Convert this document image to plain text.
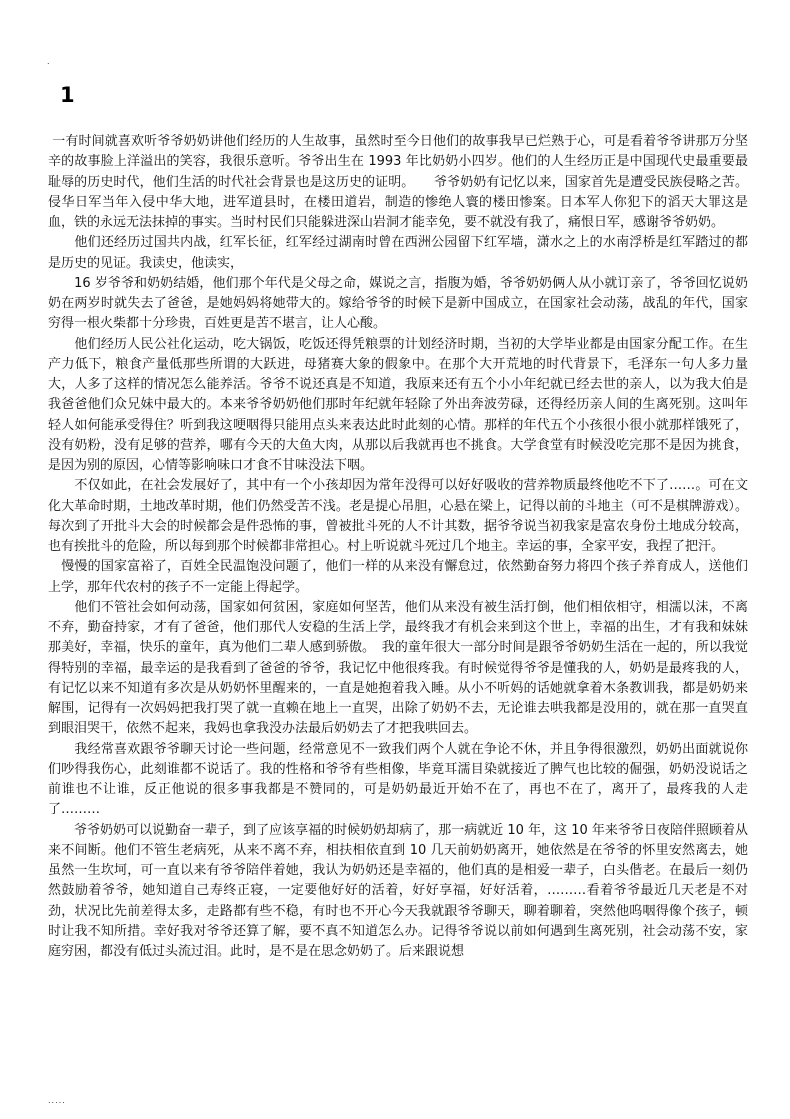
.
1

一有时间就喜欢听爷爷奶奶讲他们经历的人生故事，虽然时至今日他们的故事我早已烂熟于心，可是看着爷爷讲那万分坚辛的故事脸上洋溢出的笑容，我很乐意听。爷爷出生在 1993 年比奶奶小四岁。他们的人生经历正是中国现代史最重要最耻辱的历史时代，他们生活的时代社会背景也是这历史的证明。　　爷爷奶奶有记忆以来，国家首先是遭受民族侵略之苦。侵华日军当年入侵中华大地，进军道县时，在楼田道岩，制造的惨绝人寰的楼田惨案。日本军人你犯下的滔天大罪这是血，铁的永远无法抹掉的事实。当时村民们只能躲进深山岩洞才能幸免，要不就没有我了，痛恨日军，感谢爷爷奶奶。

　　他们还经历过国共内战，红军长征，红军经过湖南时曾在西洲公园留下红军墙，潇水之上的水南浮桥是红军踏过的都是历史的见证。我读史，他读实，

　　16 岁爷爷和奶奶结婚，他们那个年代是父母之命，媒说之言，指腹为婚，爷爷奶奶俩人从小就订亲了，爷爷回忆说奶奶在两岁时就失去了爸爸，是她妈妈将她带大的。嫁给爷爷的时候下是新中国成立，在国家社会动荡，战乱的年代，国家穷得一根火柴都十分珍贵，百姓更是苦不堪言，让人心酸。

　　他们经历人民公社化运动，吃大锅饭，吃饭还得凭粮票的计划经济时期，当初的大学毕业都是由国家分配工作。在生产力低下，粮食产量低那些所谓的大跃进，母猪赛大象的假象中。在那个大开荒地的时代背景下，毛泽东一句人多力量大，人多了这样的情况怎么能养活。爷爷不说还真是不知道，我原来还有五个小小年纪就已经去世的亲人，以为我大伯是我爸爸他们众兄妹中最大的。本来爷爷奶奶他们那时年纪就年轻除了外出奔波劳碌，还得经历亲人间的生离死别。这叫年轻人如何能承受得住？听到我这哽咽得只能用点头来表达此时此刻的心情。那样的年代五个小孩很小很小就那样饿死了，没有奶粉，没有足够的营养，哪有今天的大鱼大肉，从那以后我就再也不挑食。大学食堂有时候没吃完那不是因为挑食，是因为别的原因，心情等影响味口才食不甘味没法下咽。

　　不仅如此，在社会发展好了，其中有一个小孩却因为常年没得可以好好吸收的营养物质最终他吃不下了……。可在文化大革命时期，土地改革时期，他们仍然受苦不浅。老是提心吊胆，心悬在梁上，记得以前的斗地主（可不是棋牌游戏）。每次到了开批斗大会的时候都会是件恐怖的事，曾被批斗死的人不计其数，据爷爷说当初我家是富农身份土地成分较高，也有挨批斗的危险，所以每到那个时候都非常担心。村上听说就斗死过几个地主。幸运的事，全家平安，我捏了把汗。

　慢慢的国家富裕了，百姓全民温饱没问题了，他们一样的从来没有懈怠过，依然勤奋努力将四个孩子养育成人，送他们上学，那年代农村的孩子不一定能上得起学。

　　他们不管社会如何动荡，国家如何贫困，家庭如何坚苦，他们从来没有被生活打倒，他们相依相守，相濡以沫，不离不弃，勤奋持家，才有了爸爸，他们那代人安稳的生活上学，最终我才有机会来到这个世上，幸福的出生，才有我和妹妹那美好，幸福，快乐的童年，真为他们二辈人感到骄傲。　我的童年很大一部分时间是跟爷爷奶奶生活在一起的，所以我觉得特别的幸福，最幸运的是我看到了爸爸的爷爷，我记忆中他很疼我。有时候觉得爷爷是懂我的人，奶奶是最疼我的人，有记忆以来不知道有多次是从奶奶怀里醒来的，一直是她抱着我入睡。从小不听妈的话她就拿着木条教训我，都是奶奶来解围，记得有一次妈妈把我打哭了就一直赖在地上一直哭，出除了奶奶不去，无论谁去哄我都是没用的，就在那一直哭直到眼泪哭干，依然不起来，我妈也拿我没办法最后奶奶去了才把我哄回去。

　　我经常喜欢跟爷爷聊天讨论一些问题，经常意见不一致我们两个人就在争论不休，并且争得很激烈，奶奶出面就说你们吵得我伤心，此刻谁都不说话了。我的性格和爷爷有些相像，毕竟耳濡目染就接近了脾气也比较的倔强，奶奶没说话之前谁也不让谁，反正他说的很多事我都是不赞同的，可是奶奶最近开始不在了，再也不在了，离开了，最疼我的人走了………

　　爷爷奶奶可以说勤奋一辈子，到了应该享福的时候奶奶却病了，那一病就近 10 年，这 10 年来爷爷日夜陪伴照顾着从来不间断。他们不管生老病死，从来不离不弃，相扶相依直到 10 几天前奶奶离开，她依然是在爷爷的怀里安然离去，她虽然一生坎坷，可一直以来有爷爷陪伴着她，我认为奶奶还是幸福的，他们真的是相爱一辈子，白头偕老。在最后一刻仍然鼓励着爷爷，她知道自己寿终正寝，一定要他好好的活着，好好享福，好好活着，………看着爷爷最近几天老是不对劲，状况比先前差得太多，走路都有些不稳，有时也不开心今天我就跟爷爷聊天，聊着聊着，突然他呜咽得像个孩子，顿时让我不知所措。幸好我对爷爷还算了解，要不真不知道怎么办。记得爷爷说以前如何遇到生离死别，社会动荡不安，家庭穷困，都没有低过头流过泪。此时，是不是在思念奶奶了。后来跟说想

.....
